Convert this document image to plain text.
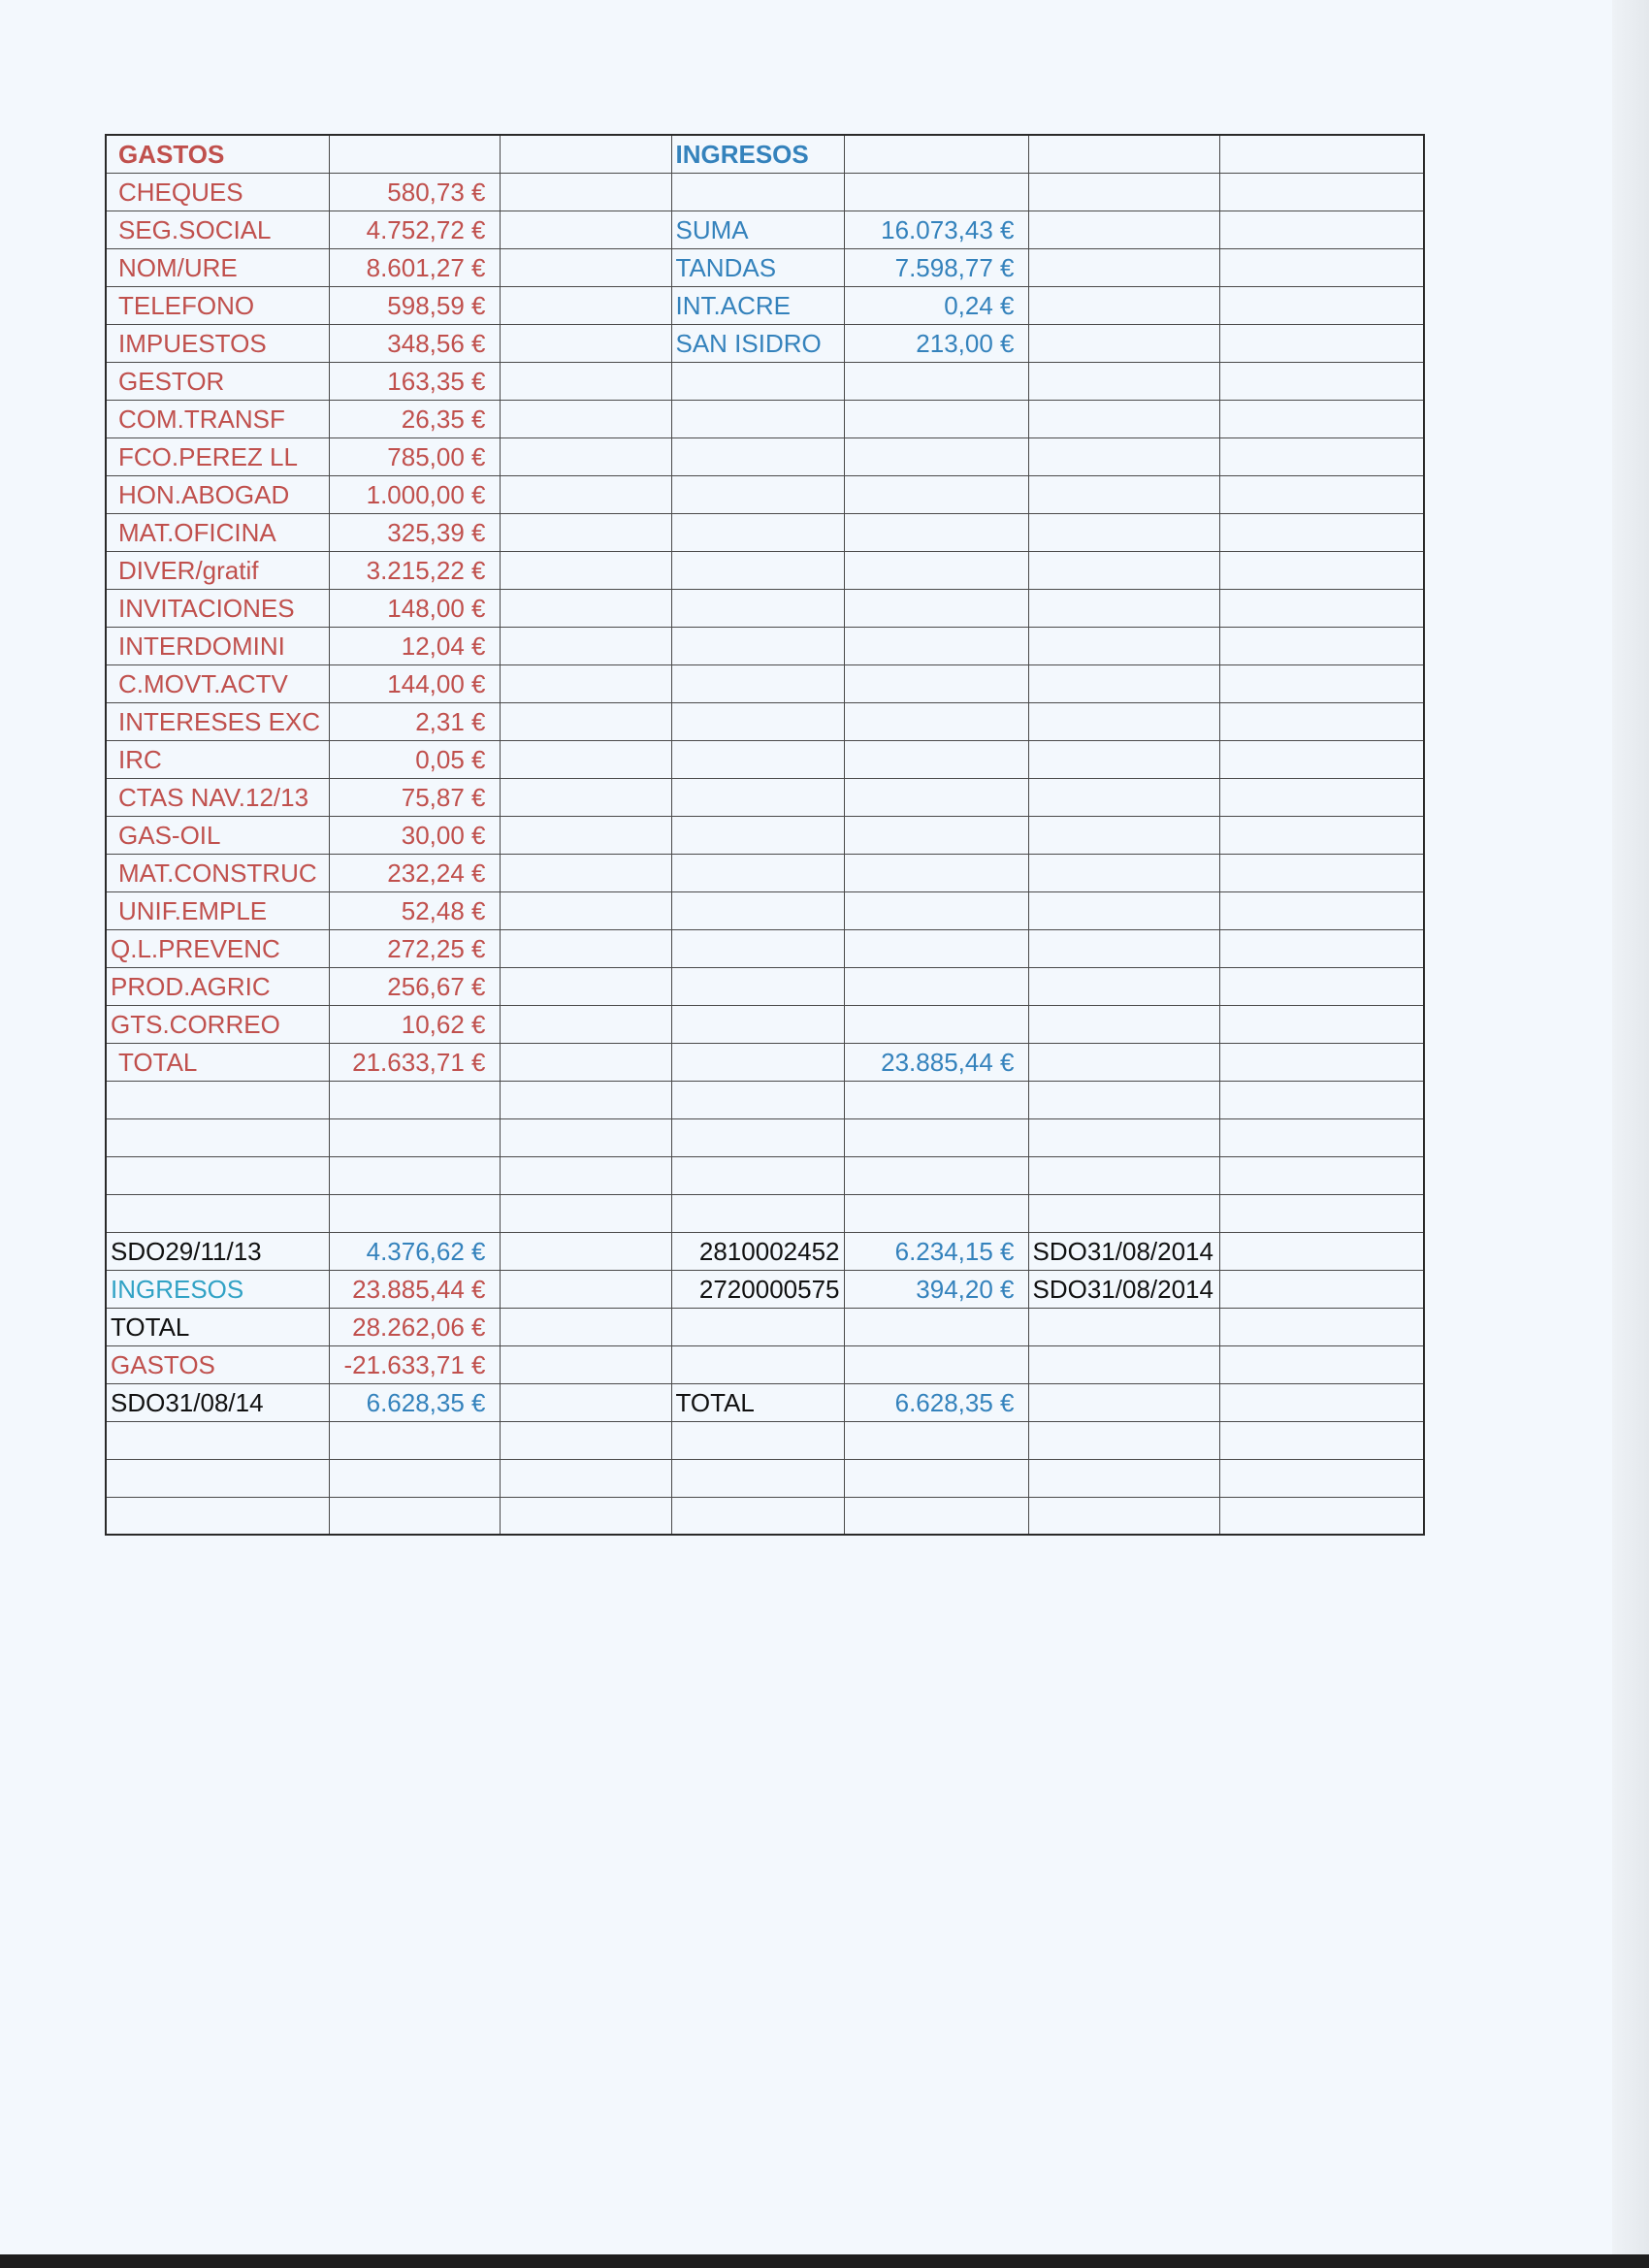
GASTOS			INGRESOS			
CHEQUES	580,73 €					
SEG.SOCIAL	4.752,72 €		SUMA	16.073,43 €		
NOM/URE	8.601,27 €		TANDAS	7.598,77 €		
TELEFONO	598,59 €		INT.ACRE	0,24 €		
IMPUESTOS	348,56 €		SAN ISIDRO	213,00 €		
GESTOR	163,35 €					
COM.TRANSF	26,35 €					
FCO.PEREZ LL	785,00 €					
HON.ABOGAD	1.000,00 €					
MAT.OFICINA	325,39 €					
DIVER/gratif	3.215,22 €					
INVITACIONES	148,00 €					
INTERDOMINI	12,04 €					
C.MOVT.ACTV	144,00 €					
INTERESES EXC	2,31 €					
IRC	0,05 €					
CTAS NAV.12/13	75,87 €					
GAS-OIL	30,00 €					
MAT.CONSTRUC	232,24 €					
UNIF.EMPLE	52,48 €					
Q.L.PREVENC	272,25 €					
PROD.AGRIC	256,67 €					
GTS.CORREO	10,62 €					
TOTAL	21.633,71 €			23.885,44 €		

SDO29/11/13	4.376,62 €		2810002452	6.234,15 €	SDO31/08/2014	
INGRESOS	23.885,44 €		2720000575	394,20 €	SDO31/08/2014	
TOTAL	28.262,06 €					
GASTOS	-21.633,71 €					
SDO31/08/14	6.628,35 €		TOTAL	6.628,35 €		
